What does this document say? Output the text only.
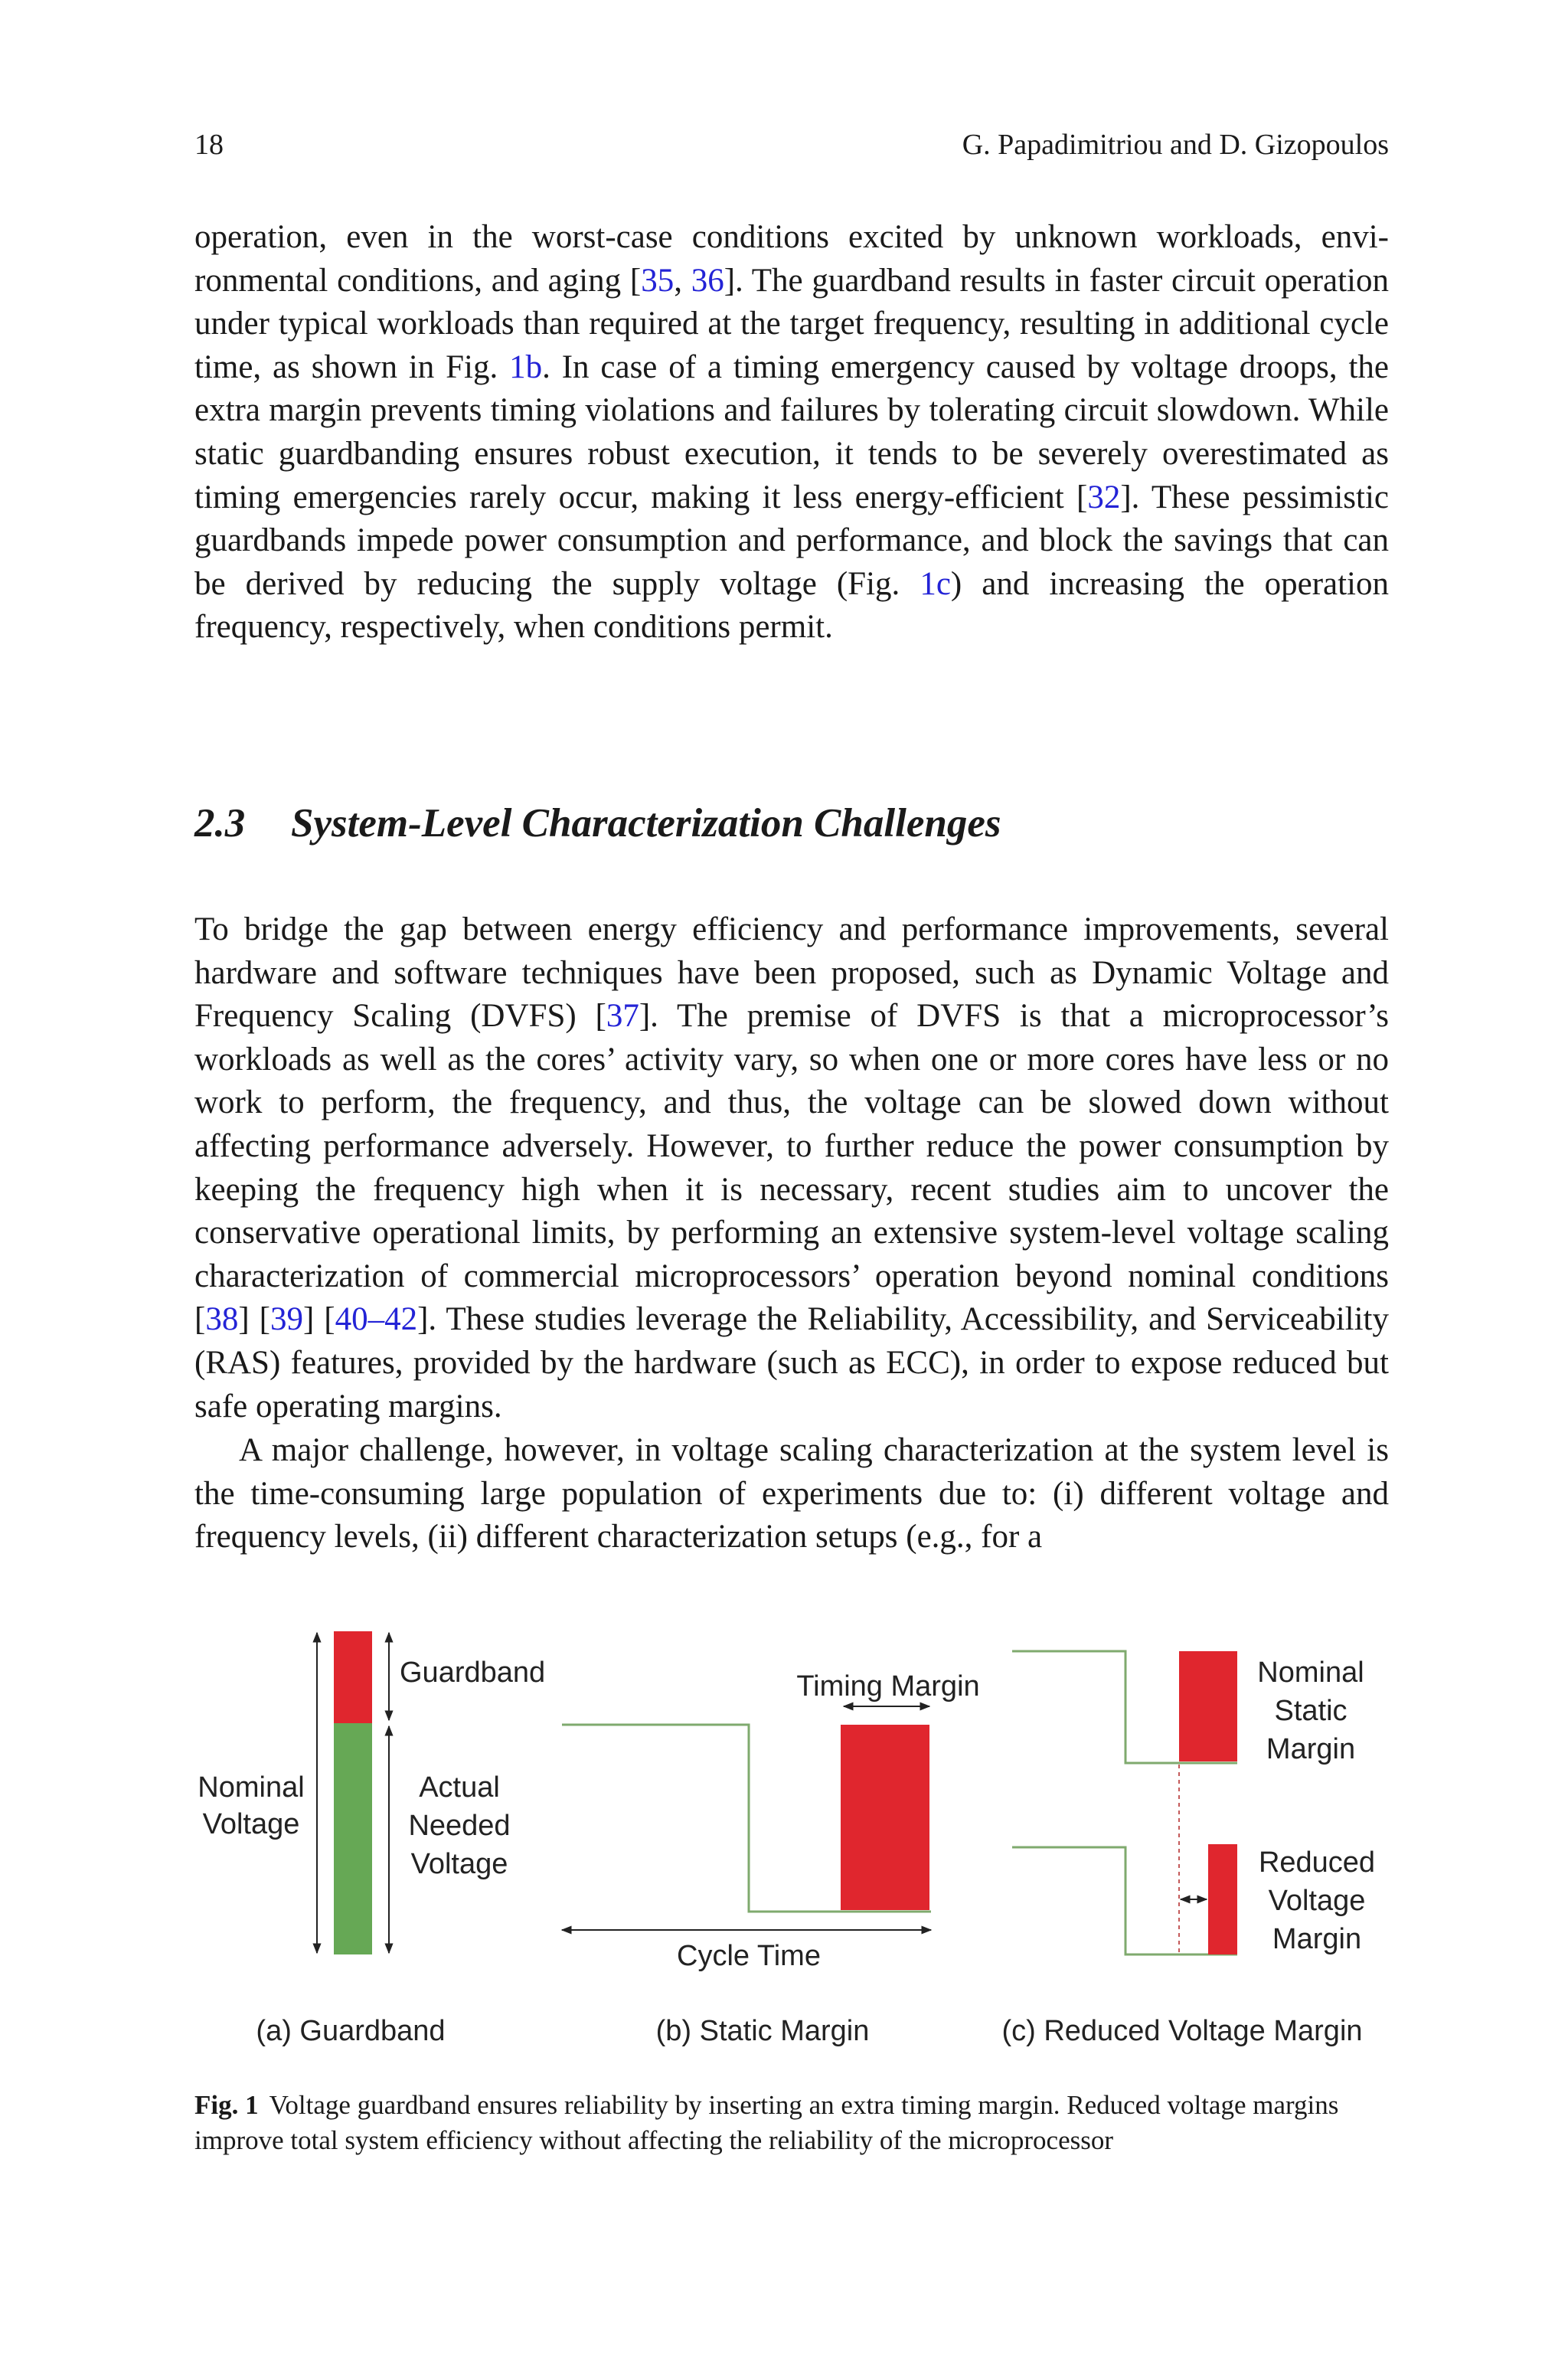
18	G. Papadimitriou and D. Gizopoulos

operation, even in the worst-case conditions excited by unknown workloads, environmental conditions, and aging [35, 36]. The guardband results in faster circuit operation under typical workloads than required at the target frequency, resulting in additional cycle time, as shown in Fig. 1b. In case of a timing emergency caused by voltage droops, the extra margin prevents timing violations and failures by tolerating circuit slowdown. While static guardbanding ensures robust execution, it tends to be severely overestimated as timing emergencies rarely occur, making it less energy-efficient [32]. These pessimistic guardbands impede power consumption and performance, and block the savings that can be derived by reducing the supply voltage (Fig. 1c) and increasing the operation frequency, respectively, when conditions permit.

2.3 System-Level Characterization Challenges

To bridge the gap between energy efficiency and performance improvements, several hardware and software techniques have been proposed, such as Dynamic Voltage and Frequency Scaling (DVFS) [37]. The premise of DVFS is that a microprocessor’s workloads as well as the cores’ activity vary, so when one or more cores have less or no work to perform, the frequency, and thus, the voltage can be slowed down without affecting performance adversely. However, to further reduce the power consumption by keeping the frequency high when it is necessary, recent studies aim to uncover the conservative operational limits, by performing an extensive system-level voltage scaling characterization of commercial microprocessors’ operation beyond nominal conditions [38] [39] [40–42]. These studies leverage the Reliability, Accessibility, and Serviceability (RAS) features, provided by the hardware (such as ECC), in order to expose reduced but safe operating margins.

A major challenge, however, in voltage scaling characterization at the system level is the time-consuming large population of experiments due to: (i) different voltage and frequency levels, (ii) different characterization setups (e.g., for a

Guardband
Nominal
Voltage
Actual
Needed
Voltage
(a) Guardband
Timing Margin
Cycle Time
(b) Static Margin
Nominal
Static
Margin
Reduced
Voltage
Margin
(c) Reduced Voltage Margin

Fig. 1 Voltage guardband ensures reliability by inserting an extra timing margin. Reduced voltage margins improve total system efficiency without affecting the reliability of the microprocessor
